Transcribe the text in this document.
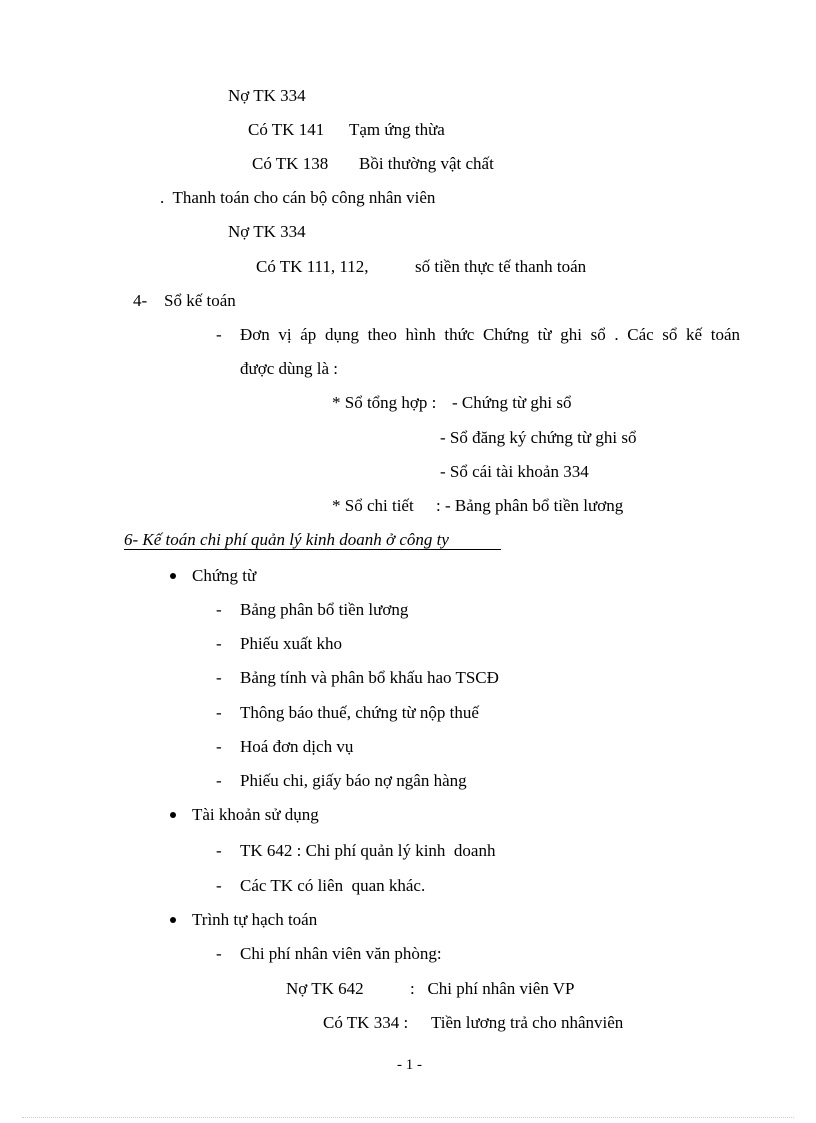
Nợ TK 334
Có TK 141 Tạm ứng thừa
Có TK 138 Bồi thường vật chất
.  Thanh toán cho cán bộ công nhân viên
Nợ TK 334
Có TK 111, 112,	số tiền thực tế thanh toán
4- Sổ kế toán
- Đơn vị áp dụng theo hình thức Chứng từ ghi sổ . Các sổ kế toán
được dùng là :
* Sổ tổng hợp : - Chứng từ ghi sổ
- Sổ đăng ký chứng từ ghi sổ
- Sổ cái tài khoản 334
* Sổ chi tiết : - Bảng phân bổ tiền lương
6- Kế toán chi phí quản lý kinh doanh ở công ty
Chứng từ
- Bảng phân bổ tiền lương
- Phiếu xuất kho
- Bảng tính và phân bổ khấu hao TSCĐ
- Thông báo thuế, chứng từ nộp thuế
- Hoá đơn dịch vụ
- Phiếu chi, giấy báo nợ ngân hàng
Tài khoản sử dụng
- TK 642 : Chi phí quản lý kinh  doanh
- Các TK có liên  quan khác.
Trình tự hạch toán
- Chi phí nhân viên văn phòng:
Nợ TK 642	:   Chi phí nhân viên VP
Có TK 334 : Tiền lương trả cho nhânviên
- 1 -
